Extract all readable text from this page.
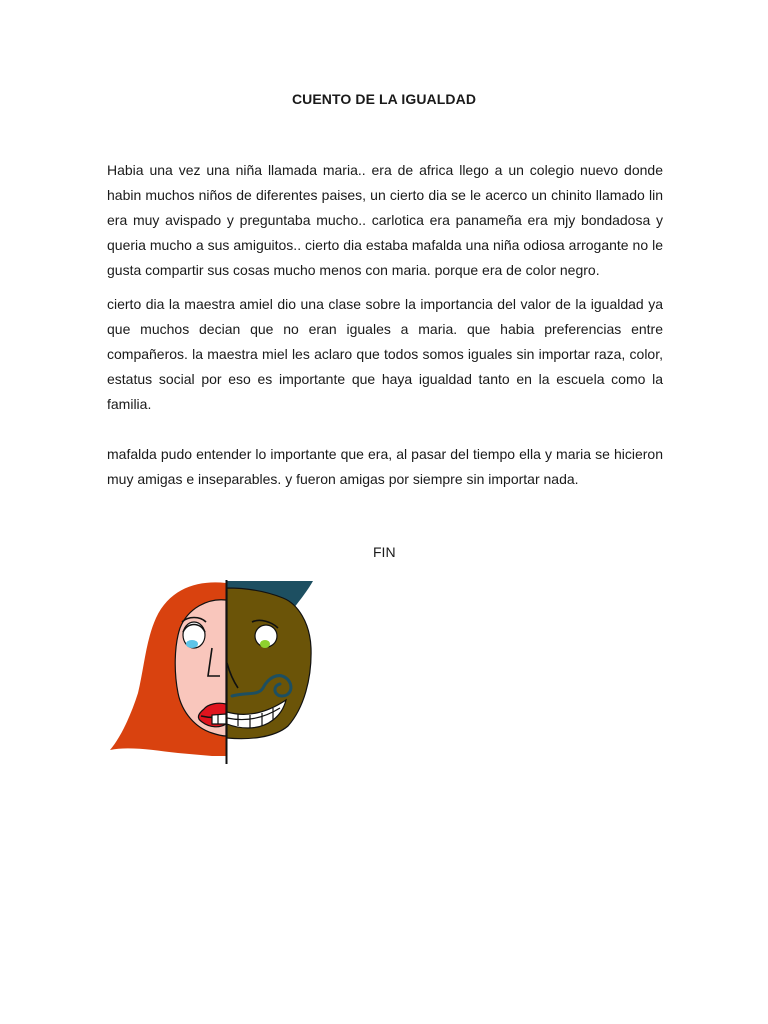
CUENTO DE LA IGUALDAD

Habia una vez una niña llamada maria.. era de africa llego a un colegio nuevo donde habin muchos niños de diferentes paises, un cierto dia se le acerco un chinito llamado lin era muy avispado y preguntaba mucho.. carlotica era panameña era mjy bondadosa y queria mucho a sus amiguitos.. cierto dia estaba mafalda una niña odiosa arrogante no le gusta compartir sus cosas mucho menos con maria. porque era de color negro.

cierto dia la maestra amiel dio una clase sobre la importancia del valor de la igualdad ya que muchos decian que no eran iguales a maria. que habia preferencias entre compañeros. la maestra miel les aclaro que todos somos iguales sin importar raza, color, estatus social por eso es importante que haya igualdad tanto en la escuela como la familia.

mafalda pudo entender lo importante que era, al pasar del tiempo ella y maria se hicieron muy amigas e inseparables. y fueron amigas por siempre sin importar nada.

FIN
